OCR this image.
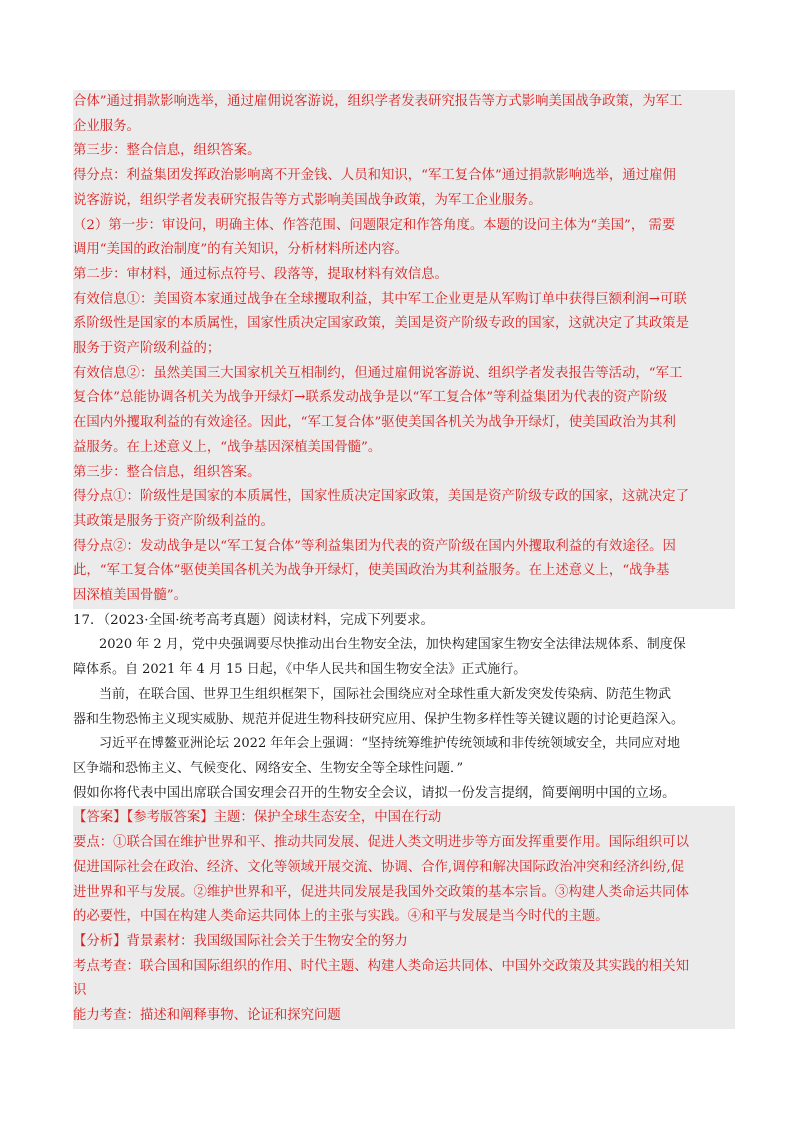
合体”通过捐款影响选举，通过雇佣说客游说，组织学者发表研究报告等方式影响美国战争政策，为军工
企业服务。
第三步：整合信息，组织答案。
得分点：利益集团发挥政治影响离不开金钱、人员和知识，“军工复合体”通过捐款影响选举，通过雇佣
说客游说，组织学者发表研究报告等方式影响美国战争政策，为军工企业服务。
（2）第一步：审设问，明确主体、作答范围、问题限定和作答角度。本题的设问主体为“美国”， 需要
调用“美国的政治制度”的有关知识，分析材料所述内容。
第二步：审材料，通过标点符号、段落等，提取材料有效信息。
有效信息①：美国资本家通过战争在全球攫取利益，其中军工企业更是从军购订单中获得巨额利润→可联
系阶级性是国家的本质属性，国家性质决定国家政策，美国是资产阶级专政的国家，这就决定了其政策是
服务于资产阶级利益的；
有效信息②：虽然美国三大国家机关互相制约，但通过雇佣说客游说、组织学者发表报告等活动，“军工
复合体”总能协调各机关为战争开绿灯→联系发动战争是以“军工复合体”等利益集团为代表的资产阶级
在国内外攫取利益的有效途径。因此，“军工复合体”驱使美国各机关为战争开绿灯，使美国政治为其利
益服务。在上述意义上，“战争基因深植美国骨髓”。
第三步：整合信息，组织答案。
得分点①：阶级性是国家的本质属性，国家性质决定国家政策，美国是资产阶级专政的国家，这就决定了
其政策是服务于资产阶级利益的。
得分点②：发动战争是以“军工复合体”等利益集团为代表的资产阶级在国内外攫取利益的有效途径。因
此，“军工复合体”驱使美国各机关为战争开绿灯，使美国政治为其利益服务。在上述意义上，“战争基
因深植美国骨髓”。
17．（2023·全国·统考高考真题）阅读材料，完成下列要求。
2020 年 2 月，党中央强调要尽快推动出台生物安全法，加快构建国家生物安全法律法规体系、制度保
障体系。自 2021 年 4 月 15 日起，《中华人民共和国生物安全法》正式施行。
当前，在联合国、世界卫生组织框架下，国际社会围绕应对全球性重大新发突发传染病、防范生物武
器和生物恐怖主义现实威胁、规范并促进生物科技研究应用、保护生物多样性等关键议题的讨论更趋深入。
习近平在博鳌亚洲论坛 2022 年年会上强调：“坚持统筹维护传统领域和非传统领域安全，共同应对地
区争端和恐怖主义、气候变化、网络安全、生物安全等全球性问题．”
假如你将代表中国出席联合国安理会召开的生物安全会议，请拟一份发言提纲，简要阐明中国的立场。
【答案】【参考版答案】主题：保护全球生态安全，中国在行动
要点：①联合国在维护世界和平、推动共同发展、促进人类文明进步等方面发挥重要作用。国际组织可以
促进国际社会在政治、经济、文化等领域开展交流、协调、合作,调停和解决国际政治冲突和经济纠纷,促
进世界和平与发展。②维护世界和平，促进共同发展是我国外交政策的基本宗旨。③构建人类命运共同体
的必要性，中国在构建人类命运共同体上的主张与实践。④和平与发展是当今时代的主题。
【分析】背景素材：我国级国际社会关于生物安全的努力
考点考查：联合国和国际组织的作用、时代主题、构建人类命运共同体、中国外交政策及其实践的相关知
识
能力考查：描述和阐释事物、论证和探究问题
